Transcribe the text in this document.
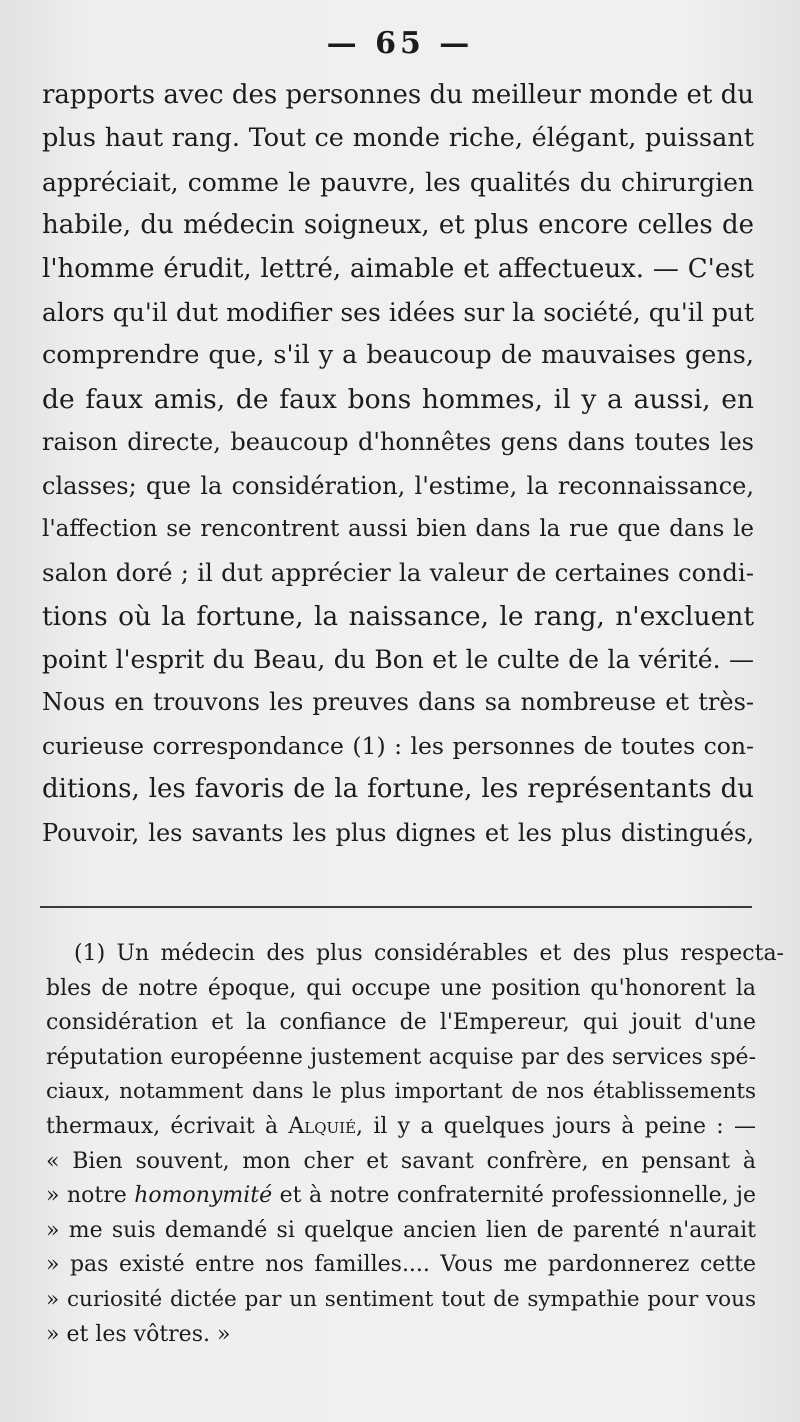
— 65 —
rapports avec des personnes du meilleur monde et du
plus haut rang. Tout ce monde riche, élégant, puissant
appréciait, comme le pauvre, les qualités du chirurgien
habile, du médecin soigneux, et plus encore celles de
l'homme érudit, lettré, aimable et affectueux. — C'est
alors qu'il dut modifier ses idées sur la société, qu'il put
comprendre que, s'il y a beaucoup de mauvaises gens,
de faux amis, de faux bons hommes, il y a aussi, en
raison directe, beaucoup d'honnêtes gens dans toutes les
classes; que la considération, l'estime, la reconnaissance,
l'affection se rencontrent aussi bien dans la rue que dans le
salon doré ; il dut apprécier la valeur de certaines condi-
tions où la fortune, la naissance, le rang, n'excluent
point l'esprit du Beau, du Bon et le culte de la vérité. —
Nous en trouvons les preuves dans sa nombreuse et très-
curieuse correspondance (1) : les personnes de toutes con-
ditions, les favoris de la fortune, les représentants du
Pouvoir, les savants les plus dignes et les plus distingués,
(1) Un médecin des plus considérables et des plus respecta-
bles de notre époque, qui occupe une position qu'honorent la
considération et la confiance de l'Empereur, qui jouit d'une
réputation européenne justement acquise par des services spé-
ciaux, notamment dans le plus important de nos établissements
thermaux, écrivait à Alquié, il y a quelques jours à peine : —
« Bien souvent, mon cher et savant confrère, en pensant à
» notre homonymité et à notre confraternité professionnelle, je
» me suis demandé si quelque ancien lien de parenté n'aurait
» pas existé entre nos familles.... Vous me pardonnerez cette
» curiosité dictée par un sentiment tout de sympathie pour vous
» et les vôtres. »
